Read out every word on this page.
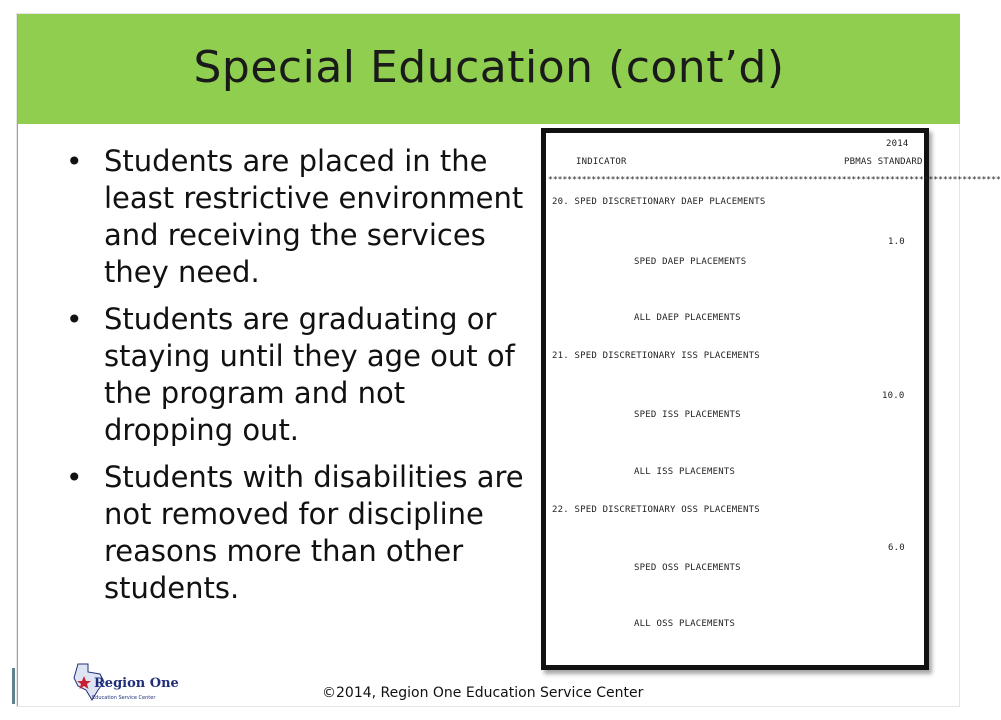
Special Education (cont’d)
• Students are placed in the least restrictive environment and receiving the services they need.
• Students are graduating or staying until they age out of the program and not dropping out.
• Students with disabilities are not removed for discipline reasons more than other students.
2014
INDICATOR	PBMAS STANDARD
**********************************************************************************************
20. SPED DISCRETIONARY DAEP PLACEMENTS
1.0
SPED DAEP PLACEMENTS
ALL DAEP PLACEMENTS
21. SPED DISCRETIONARY ISS PLACEMENTS
10.0
SPED ISS PLACEMENTS
ALL ISS PLACEMENTS
22. SPED DISCRETIONARY OSS PLACEMENTS
6.0
SPED OSS PLACEMENTS
ALL OSS PLACEMENTS
Region One
Education Service Center	©2014, Region One Education Service Center
